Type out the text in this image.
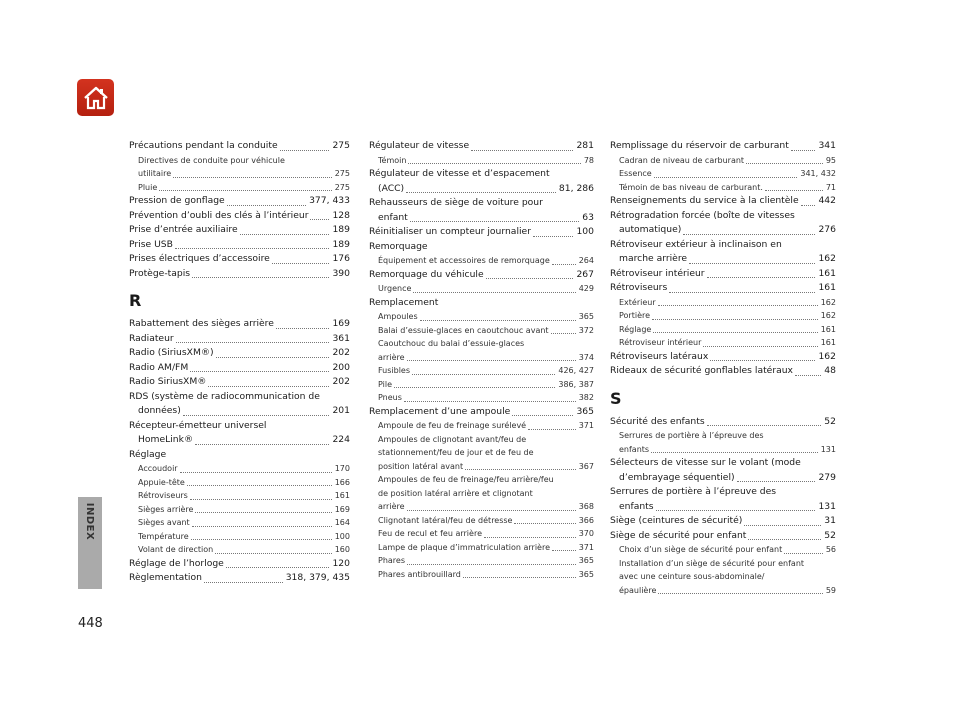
INDEX
448
Précautions pendant la conduite	275
Directives de conduite pour véhicule
utilitaire	275
Pluie	275
Pression de gonflage	377, 433
Prévention d’oubli des clés à l’intérieur	128
Prise d’entrée auxiliaire	189
Prise USB	189
Prises électriques d’accessoire	176
Protège-tapis	390
R
Rabattement des sièges arrière	169
Radiateur	361
Radio (SiriusXM®)	202
Radio AM/FM	200
Radio SiriusXM®	202
RDS (système de radiocommunication de
données)	201
Récepteur-émetteur universel
HomeLink®	224
Réglage
Accoudoir	170
Appuie-tête	166
Rétroviseurs	161
Sièges arrière	169
Sièges avant	164
Température	100
Volant de direction	160
Réglage de l’horloge	120
Règlementation	318, 379, 435
Régulateur de vitesse	281
Témoin	78
Régulateur de vitesse et d’espacement
(ACC)	81, 286
Rehausseurs de siège de voiture pour
enfant	63
Réinitialiser un compteur journalier	100
Remorquage
Équipement et accessoires de remorquage	264
Remorquage du véhicule	267
Urgence	429
Remplacement
Ampoules	365
Balai d’essuie-glaces en caoutchouc avant	372
Caoutchouc du balai d’essuie-glaces
arrière	374
Fusibles	426, 427
Pile	386, 387
Pneus	382
Remplacement d’une ampoule	365
Ampoule de feu de freinage surélevé	371
Ampoules de clignotant avant/feu de
stationnement/feu de jour et de feu de
position latéral avant	367
Ampoules de feu de freinage/feu arrière/feu
de position latéral arrière et clignotant
arrière	368
Clignotant latéral/feu de détresse	366
Feu de recul et feu arrière	370
Lampe de plaque d’immatriculation arrière	371
Phares	365
Phares antibrouillard	365
Remplissage du réservoir de carburant	341
Cadran de niveau de carburant	95
Essence	341, 432
Témoin de bas niveau de carburant.	71
Renseignements du service à la clientèle 442
Rétrogradation forcée (boîte de vitesses
automatique)	276
Rétroviseur extérieur à inclinaison en
marche arrière	162
Rétroviseur intérieur	161
Rétroviseurs	161
Extérieur	162
Portière	162
Réglage	161
Rétroviseur intérieur	161
Rétroviseurs latéraux	162
Rideaux de sécurité gonflables latéraux	48
S
Sécurité des enfants	52
Serrures de portière à l’épreuve des
enfants	131
Sélecteurs de vitesse sur le volant (mode
d’embrayage séquentiel)	279
Serrures de portière à l’épreuve des
enfants	131
Siège (ceintures de sécurité)	31
Siège de sécurité pour enfant	52
Choix d’un siège de sécurité pour enfant	56
Installation d’un siège de sécurité pour enfant
avec une ceinture sous-abdominale/
épaulière	59
